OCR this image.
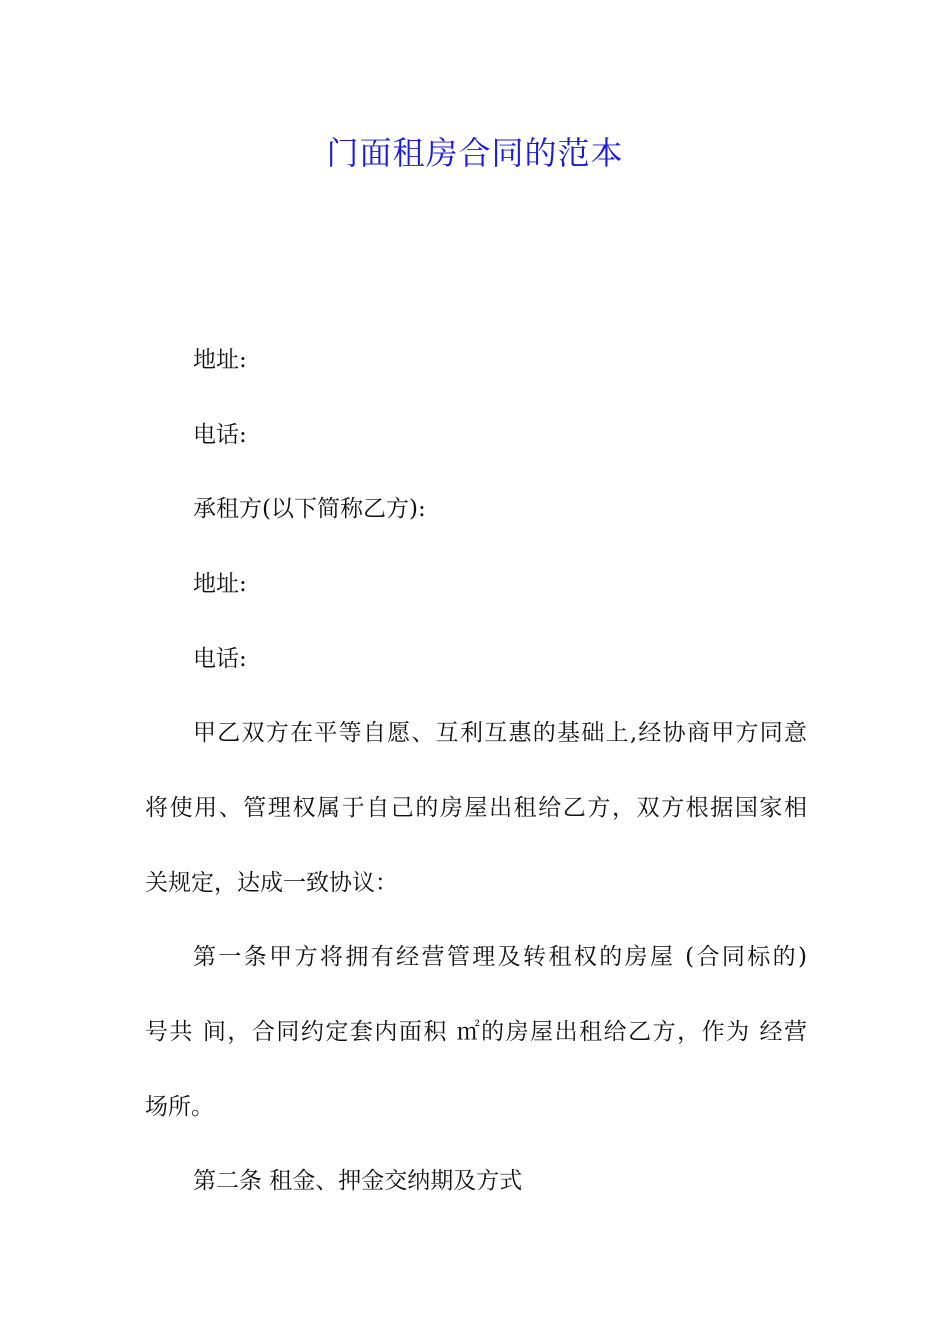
门面租房合同的范本

地址:

电话:

承租方(以下简称乙方):

地址:

电话:

甲乙双方在平等自愿、互利互惠的基础上,经协商甲方同意

将使用、管理权属于自己的房屋出租给乙方，双方根据国家相

关规定，达成一致协议：

第一条甲方将拥有经营管理及转租权的房屋 (合同标的)

号共 间，合同约定套内面积 ㎡的房屋出租给乙方，作为 经营

场所。

第二条 租金、押金交纳期及方式
